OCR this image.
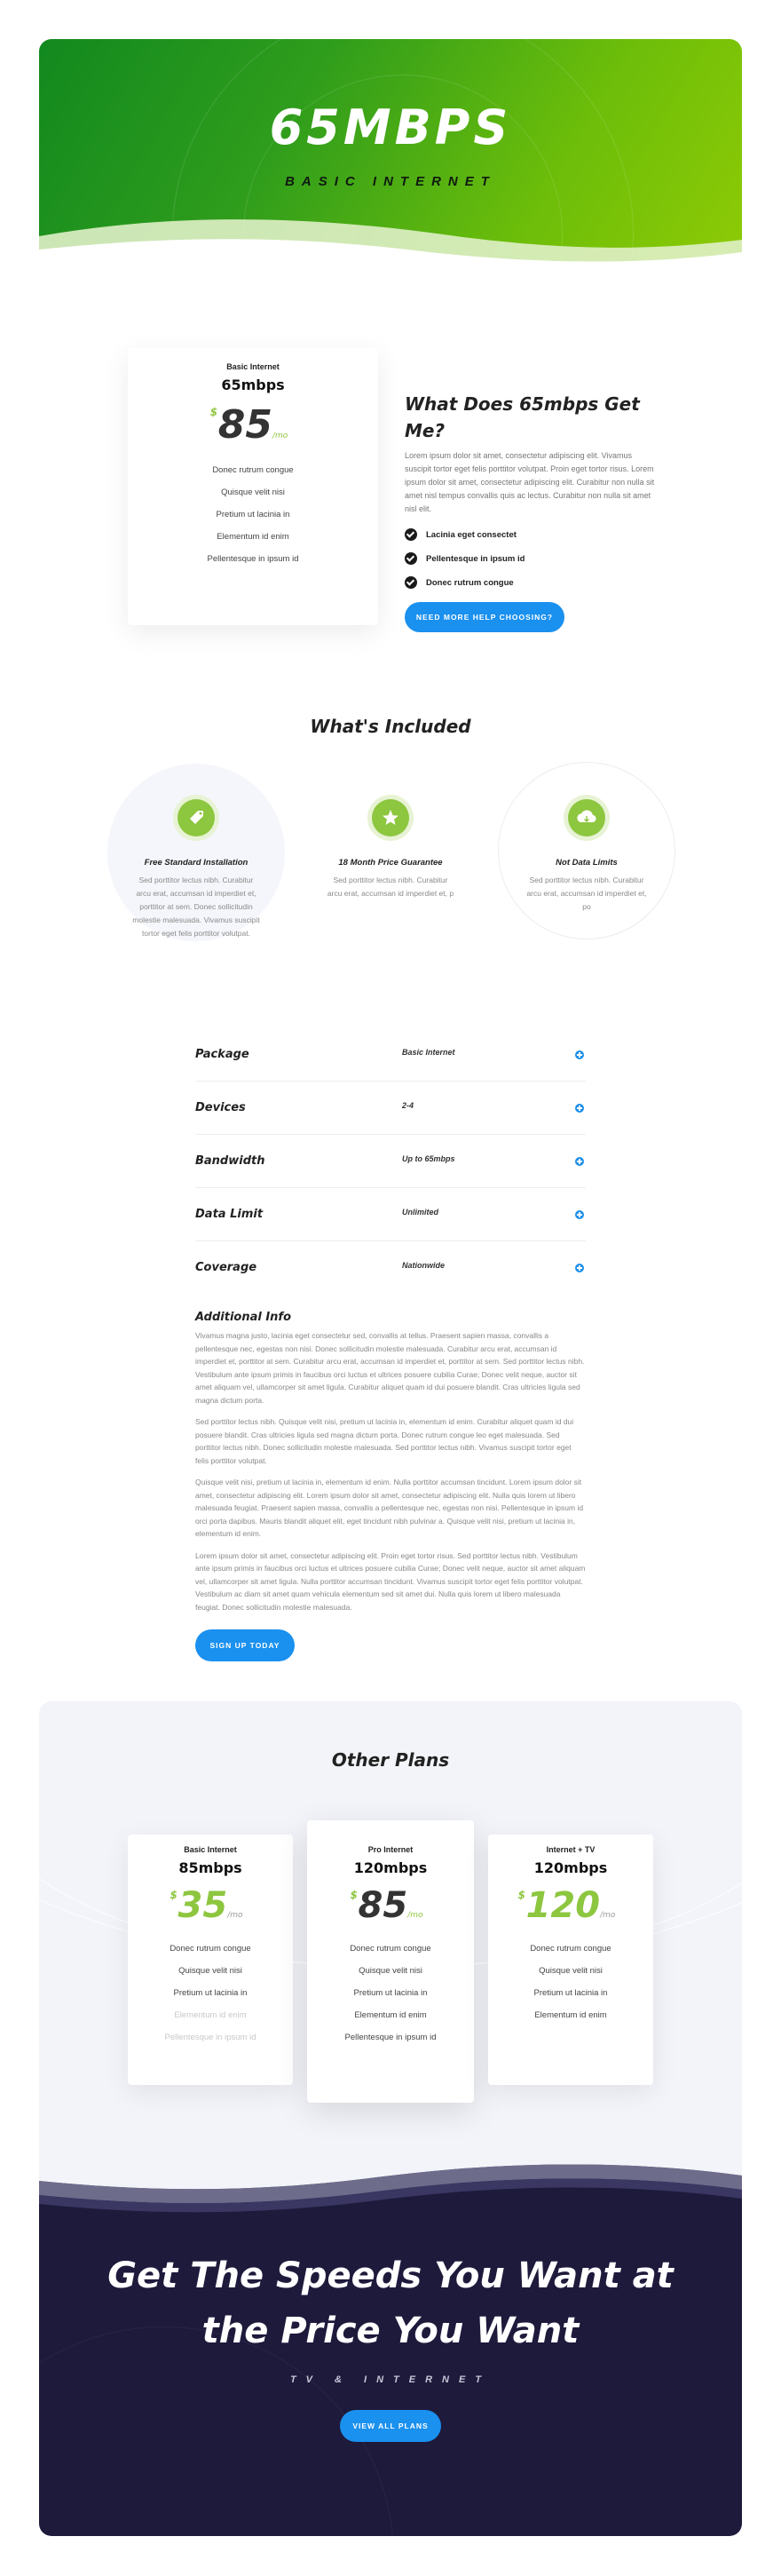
65MBPS
BASIC INTERNET
Basic Internet
65mbps
$ 85/mo
Donec rutrum congue
Quisque velit nisi
Pretium ut lacinia in
Elementum id enim
Pellentesque in ipsum id
What Does 65mbps Get Me?

Lorem ipsum dolor sit amet, consectetur adipiscing elit. Vivamus suscipit tortor eget felis porttitor volutpat. Proin eget tortor risus. Lorem ipsum dolor sit amet, consectetur adipiscing elit. Curabitur non nulla sit amet nisl tempus convallis quis ac lectus. Curabitur non nulla sit amet nisl elit.

Lacinia eget consectet
Pellentesque in ipsum id
Donec rutrum congue
NEED MORE HELP CHOOSING?
What's Included
Free Standard Installation

Sed porttitor lectus nibh. Curabitur arcu erat, accumsan id imperdiet et, porttitor at sem. Donec sollicitudin molestie malesuada. Vivamus suscipit tortor eget felis porttitor volutpat.

18 Month Price Guarantee

Sed porttitor lectus nibh. Curabitur arcu erat, accumsan id imperdiet et, p

Not Data Limits

Sed porttitor lectus nibh. Curabitur arcu erat, accumsan id imperdiet et, po

Package	Basic Internet
Devices	2-4
Bandwidth	Up to 65mbps
Data Limit	Unlimited
Coverage	Nationwide
Additional Info

Vivamus magna justo, lacinia eget consectetur sed, convallis at tellus. Praesent sapien massa, convallis a pellentesque nec, egestas non nisi. Donec sollicitudin molestie malesuada. Curabitur arcu erat, accumsan id imperdiet et, porttitor at sem. Curabitur arcu erat, accumsan id imperdiet et, porttitor at sem. Sed porttitor lectus nibh. Vestibulum ante ipsum primis in faucibus orci luctus et ultrices posuere cubilia Curae; Donec velit neque, auctor sit amet aliquam vel, ullamcorper sit amet ligula. Curabitur aliquet quam id dui posuere blandit. Cras ultricies ligula sed magna dictum porta.

Sed porttitor lectus nibh. Quisque velit nisi, pretium ut lacinia in, elementum id enim. Curabitur aliquet quam id dui posuere blandit. Cras ultricies ligula sed magna dictum porta. Donec rutrum congue leo eget malesuada. Sed porttitor lectus nibh. Donec sollicitudin molestie malesuada. Sed porttitor lectus nibh. Vivamus suscipit tortor eget felis porttitor volutpat.

Quisque velit nisi, pretium ut lacinia in, elementum id enim. Nulla porttitor accumsan tincidunt. Lorem ipsum dolor sit amet, consectetur adipiscing elit. Lorem ipsum dolor sit amet, consectetur adipiscing elit. Nulla quis lorem ut libero malesuada feugiat. Praesent sapien massa, convallis a pellentesque nec, egestas non nisi. Pellentesque in ipsum id orci porta dapibus. Mauris blandit aliquet elit, eget tincidunt nibh pulvinar a. Quisque velit nisi, pretium ut lacinia in, elementum id enim.

Lorem ipsum dolor sit amet, consectetur adipiscing elit. Proin eget tortor risus. Sed porttitor lectus nibh. Vestibulum ante ipsum primis in faucibus orci luctus et ultrices posuere cubilia Curae; Donec velit neque, auctor sit amet aliquam vel, ullamcorper sit amet ligula. Nulla porttitor accumsan tincidunt. Vivamus suscipit tortor eget felis porttitor volutpat. Vestibulum ac diam sit amet quam vehicula elementum sed sit amet dui. Nulla quis lorem ut libero malesuada feugiat. Donec sollicitudin molestie malesuada.

SIGN UP TODAY
Other Plans
Basic Internet
85mbps
$ 35/mo
Donec rutrum congue
Quisque velit nisi
Pretium ut lacinia in
Elementum id enim
Pellentesque in ipsum id
Pro Internet
120mbps
$ 85/mo
Donec rutrum congue
Quisque velit nisi
Pretium ut lacinia in
Elementum id enim
Pellentesque in ipsum id
Internet + TV
120mbps
$ 120/mo
Donec rutrum congue
Quisque velit nisi
Pretium ut lacinia in
Elementum id enim
Get The Speeds You Want at
the Price You Want
TV & INTERNET
VIEW ALL PLANS
